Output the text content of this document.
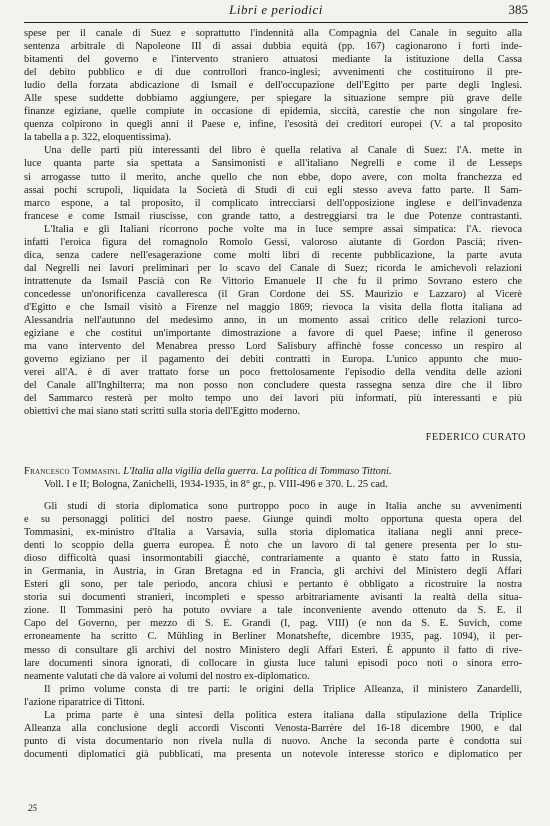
Libri e periodici	385
spese per il canale di Suez e soprattutto l'indennità alla Compagnia del Canale in seguito alla
sentenza arbitrale di Napoleone III di assai dubbia equità (pp. 167) cagionarono i forti inde-
bitamenti del governo e l'intervento straniero attuatosi mediante la istituzione della Cassa
del debito pubblico e di due controllori franco-inglesi; avvenimenti che costituirono il pre-
ludio della forzata abdicazione di Ismail e dell'occupazione dell'Egitto per parte degli Inglesi.
Alle spese suddette dobbiamo aggiungere, per spiegare la situazione sempre più grave delle
finanze egiziane, quelle compiute in occasione di epidemia, siccità, carestie che non singolare fre-
quenza colpirono in quegli anni il Paese e, infine, l'esosità dei creditori europei (V. a tal proposito
la tabella a p. 322, eloquentissima).
Una delle parti più interessanti del libro è quella relativa al Canale di Suez: l'A. mette in
luce quanta parte sia spettata a Sansimonisti e all'italiano Negrelli e come il de Lesseps
si arrogasse tutto il merito, anche quello che non ebbe, dopo avere, con molta franchezza ed
assai pochi scrupoli, liquidata la Società di Studi di cui egli stesso aveva fatto parte. Il Sam-
marco espone, a tal proposito, il complicato intrecciarsi dell'opposizione inglese e dell'invadenza
francese e come Ismail riuscisse, con grande tatto, a destreggiarsi tra le due Potenze contrastanti.
L'Italia e gli Italiani ricorrono poche volte ma in luce sempre assai simpatica: l'A. rievoca
infatti l'eroica figura del romagnolo Romolo Gessi, valoroso aiutante di Gordon Pascià; riven-
dica, senza cadere nell'esagerazione come molti libri di recente pubblicazione, la parte avuta
dal Negrelli nei lavori preliminari per lo scavo del Canale di Suez; ricorda le amichevoli relazioni
intrattenute da Ismail Pascià con Re Vittorio Emanuele II che fu il primo Sovrano estero che
concedesse un'onorificenza cavalleresca (il Gran Cordone dei SS. Maurizio e Lazzaro) al Vicerè
d'Egitto e che Ismail visitò a Firenze nel maggio 1869; rievoca la visita della flotta italiana ad
Alessandria nell'autunno del medesimo anno, in un momento assai critico delle relazioni turco-
egiziane e che costituì un'importante dimostrazione a favore di quel Paese; infine il generoso
ma vano intervento del Menabrea presso Lord Salisbury affinchè fosse concesso un respiro al
governo egiziano per il pagamento dei debiti contratti in Europa. L'unico appunto che muo-
verei all'A. è di aver trattato forse un poco frettolosamente l'episodio della vendita delle azioni
del Canale all'Inghilterra; ma non posso non concludere questa rassegna senza dire che il libro
del Sammarco resterà per molto tempo uno dei lavori più informati, più interessanti e più
obiettivi che mai siano stati scritti sulla storia dell'Egitto moderno.
FEDERICO CURATO
Francesco Tommasini. L'Italia alla vigilia della guerra. La politica di Tommaso Tittoni.
Voll. I e II; Bologna, Zanichelli, 1934-1935, in 8° gr., p. VIII-496 e 370. L. 25 cad.
Gli studi di storia diplomatica sono purtroppo poco in auge in Italia anche su avvenimenti
e su personaggi politici del nostro paese. Giunge quindi molto opportuna questa opera del
Tommasini, ex-ministro d'Italia a Varsavia, sulla storia diplomatica italiana negli anni prece-
denti lo scoppio della guerra europea. È noto che un lavoro di tal genere presenta per lo stu-
dioso difficoltà quasi insormontabili giacchè, contrariamente a quanto è stato fatto in Russia,
in Germania, in Austria, in Gran Bretagna ed in Francia, gli archivi del Ministero degli Affari
Esteri gli sono, per tale periodo, ancora chiusi e pertanto è obbligato a ricostruire la nostra
storia sui documenti stranieri, incompleti e spesso arbitrariamente avisanti la realtà della situa-
zione. Il Tommasini però ha potuto ovviare a tale inconveniente avendo ottenuto da S. E. il
Capo del Governo, per mezzo di S. E. Grandi (I, pag. VIII) (e non da S. E. Suvich, come
erroneamente ha scritto C. Mühling in Berliner Monatshefte, dicembre 1935, pag. 1094), il per-
messo di consultare gli archivi del nostro Ministero degli Affari Esteri. È appunto il fatto di rive-
lare documenti sinora ignorati, di collocare in giusta luce taluni episodi poco noti o sinora erro-
neamente valutati che dà valore ai volumi del nostro ex-diplomatico.
Il primo volume consta di tre parti: le origini della Triplice Alleanza, il ministero Zanardelli,
l'azione riparatrice di Tittoni.
La prima parte è una sintesi della politica estera italiana dalla stipulazione della Triplice
Alleanza alla conclusione degli accordi Visconti Venosta-Barrère del 16-18 dicembre 1900, e dal
punto di vista documentario non rivela nulla di nuovo. Anche la seconda parte è condotta sui
documenti diplomatici già pubblicati, ma presenta un notevole interesse storico e diplomatico per
25
